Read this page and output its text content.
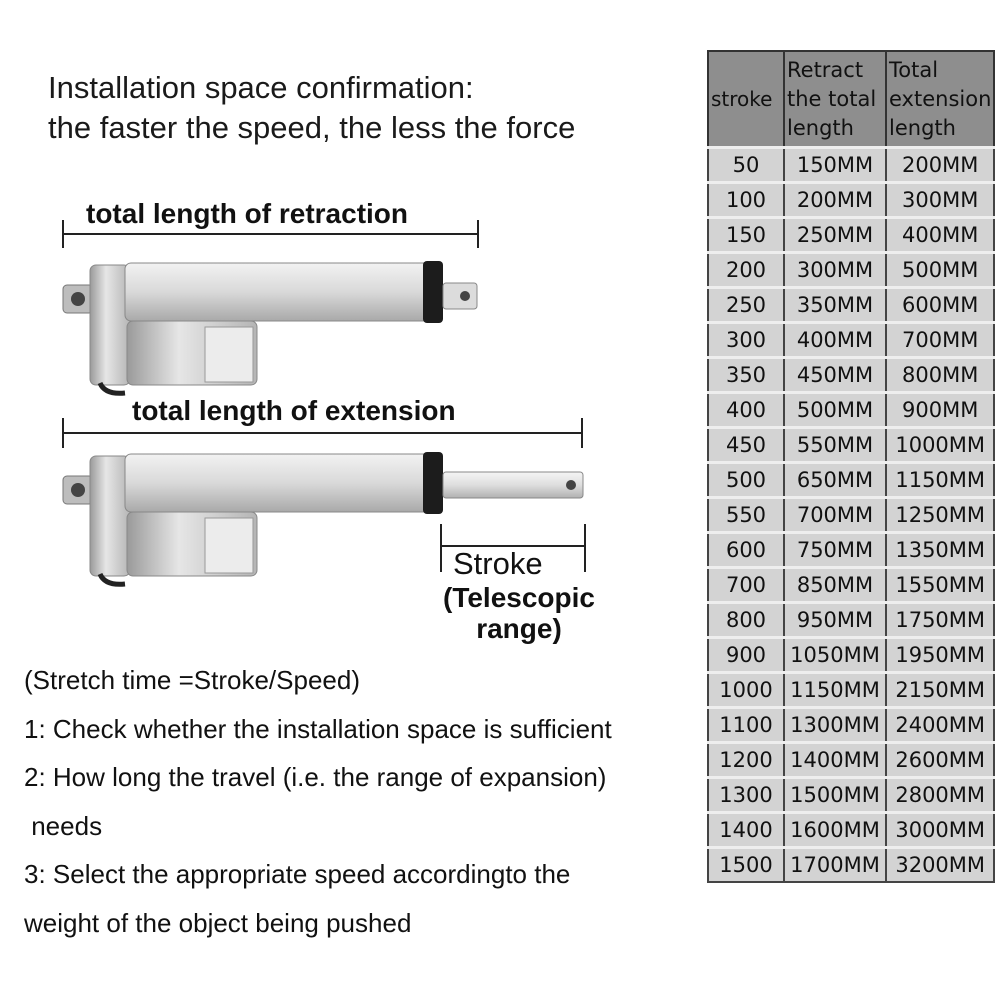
Installation space confirmation:
the faster the speed, the less the force
total length of retraction
total length of extension
Stroke
(Telescopic
range)
(Stretch time =Stroke/Speed)
1: Check whether the installation space is sufficient
2: How long the travel (i.e. the range of expansion)
needs
3: Select the appropriate speed accordingto the
weight of the object being pushed
stroke	Retract the total length	Total extension length
50	150MM	200MM
100	200MM	300MM
150	250MM	400MM
200	300MM	500MM
250	350MM	600MM
300	400MM	700MM
350	450MM	800MM
400	500MM	900MM
450	550MM	1000MM
500	650MM	1150MM
550	700MM	1250MM
600	750MM	1350MM
700	850MM	1550MM
800	950MM	1750MM
900	1050MM	1950MM
1000	1150MM	2150MM
1100	1300MM	2400MM
1200	1400MM	2600MM
1300	1500MM	2800MM
1400	1600MM	3000MM
1500	1700MM	3200MM
